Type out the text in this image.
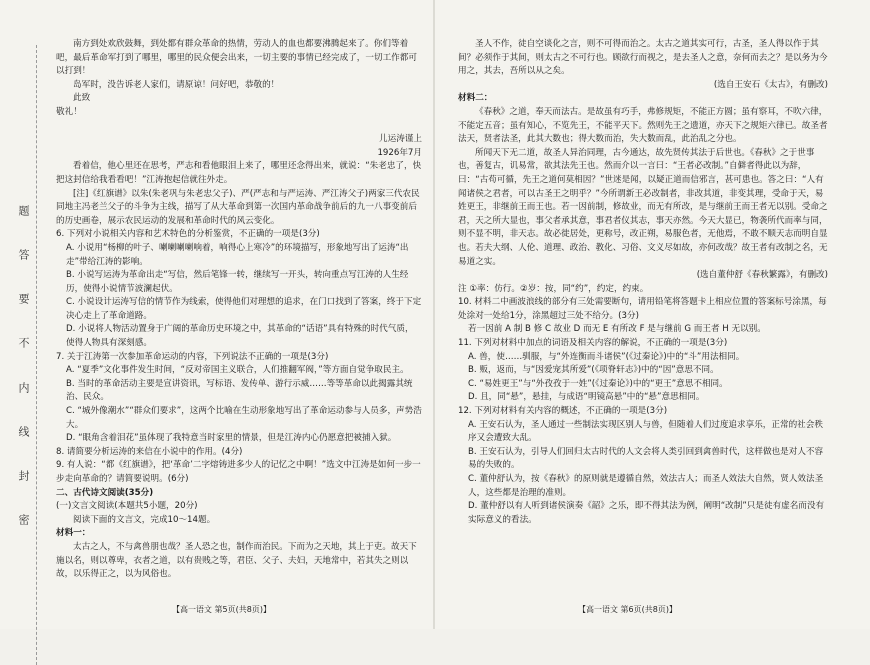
题
答
要
不
内
线
封
密

南方到处欢欣鼓舞，到处都有群众革命的热情，劳动人的血也都要沸腾起来了。你们等着吧，最后革命军打到了哪里，哪里的民众便会出来，一切主要的事情已经完成了，一切工作都可以打到！

岛军时，没告诉老人家们，请原谅！问好吧，恭敬的！

此致

敬礼！

儿运涛谨上

1926年7月

看着信，他心里还在思考，严志和看他眼泪上来了，哪里还念得出来，就说：“朱老忠了，快把这封信给我看看吧！”江涛抱起信就往外走。

[注]《红旗谱》以朱(朱老巩与朱老忠父子)、严(严志和与严运涛、严江涛父子)两家三代农民同地主冯老兰父子的斗争为主线，描写了从大革命到第一次国内革命战争前后的九一八事变前后的历史画卷，展示农民运动的发展和革命时代的风云变化。

6. 下列对小说相关内容和艺术特色的分析鉴赏，不正确的一项是(3分)

A. 小说用“杨柳的叶子、喇喇喇喇响着，响得心上寒冷”的环境描写，形象地写出了运涛“出走”带给江涛的影响。

B. 小说写运涛为革命出走“写信，然后笔锋一转，继续写一开头，转向重点写江涛的人生经历，使得小说情节波澜起伏。

C. 小说设计运涛写信的情节作为线索，使得他们对理想的追求，在门口找到了答案，终于下定决心走上了革命道路。

D. 小说将人物活动置身于广阔的革命历史环境之中，其革命的“话语”具有特殊的时代气质，使得人物具有深刻感。

7. 关于江涛第一次参加革命运动的内容，下列说法不正确的一项是(3分)

A. “夏季”文化事件发生时间，“反对帝国主义联合，人们推翻军阀，”等方面自觉争取民主。

B. 当时的革命活动主要是宣讲资讯，写标语、发传单、游行示威……等等革命以此揭露其统治、民众。

C. “城外像潮水”“群众们要求”，这两个比喻在生动形象地写出了革命运动参与人员多，声势浩大。

D. “眼角含着泪花”虽体现了我特意当时家里的情景，但是江涛内心仍愿意把被捕入狱。

8. 请简要分析运涛的来信在小说中的作用。(4分)

9. 有人说：“都《红旗谱》，把‘革命’二字熔铸进多少人的记忆之中啊！”选文中江涛是如何一步一步走向革命的？请简要说明。(6分)

二、古代诗文阅读(35分)

(一)文言文阅读(本题共5小题，20分)

阅读下面的文言文，完成10～14题。

材料一：

太古之人，不与禽兽朋也哉？圣人恐之也，制作而治民。下而为之天地，其上于吏。故天下施以名，则以尊卑，衣者之道，以有贵贱之等，君臣、父子、夫妇，天地常中，若其失之则以故，以乐得正之，以为风俗也。

圣人不作，徒自空谈化之言，则不可得而治之。太古之道其实可行，古圣，圣人得以作于其间？必须作于其间，则太古之不可行也。顾欲行而视之，是去圣人之意，奈何而去之？是以务为今用之，其去，吾所以从之矣。

(选自王安石《太古》，有删改)

材料二：

《春秋》之道，奉天而法古。是故虽有巧手，弗修规矩，不能正方圆；虽有察耳，不吹六律，不能定五音；虽有知心，不览先王，不能平天下。然则先王之遗道，亦天下之规矩六律已。故圣者法天，贤者法圣，此其大数也；得大数而治，失大数而乱，此治乱之分也。

所闻天下无二道，故圣人异治同理，古今通达，故先贤传其法于后世也。《春秋》之于世事也，善复古，讥易常，欲其法先王也。然而介以一言曰：“王者必改制。”自僻者得此以为辞，曰：“古苟可循，先王之道何莫相因？”世迷是闻，以疑正道而信邪言，甚可患也。答之曰：“人有闻诸侯之君者，可以古圣王之明乎？”今所谓新王必改制者，非改其道，非变其理，受命于天，易姓更王，非继前王而王也。若一因前制，修故业，而无有所改，是与继前王而王者无以别。受命之君，天之所大显也，事父者承其意，事君者仪其志，事天亦然。今天大显已，物袭所代而率与同，则不显不明，非天志。故必徙居处，更称号，改正朔，易服色者，无他焉，不敢不顺天志而明自显也。若夫大纲、人伦、道理、政治、教化、习俗、文义尽如故，亦何改哉？故王者有改制之名，无易道之实。

(选自董仲舒《春秋繁露》，有删改)

注 ①率：仿行。②岁：按，同“约”，约定，约束。

10. 材料二中画波浪线的部分有三处需要断句，请用铅笔将答题卡上相应位置的答案标号涂黑，每处涂对一处给1分，涂黑超过三处不给分。(3分)

若一因前 A 制 B 修 C 故业 D 而无 E 有所改 F 是与继前 G 而王者 H 无以别。

11. 下列对材料中加点的词语及相关内容的解说，不正确的一项是(3分)

A. 兽，使……驯服，与“外连衡而斗诸侯”(《过秦论》)中的“斗”用法相同。

B. 贩，返而，与“因爱宠其所爱”(《项脊轩志》)中的“因”意思不同。

C. “易姓更王”与“外孜孜于一姓”(《过秦论》)中的“更王”意思不相同。

D. 且，同“悬”，悬挂，与成语“明镜高悬”中的“悬”意思相同。

12. 下列对材料有关内容的概述，不正确的一项是(3分)

A. 王安石认为，圣人通过一些制法实现区别人与兽，但随着人们过度追求享乐，正常的社会秩序又会遭致大乱。

B. 王安石认为，引导人们回归太古时代的人文会将人类引回到禽兽时代，这样做也是对人不容易的失败的。

C. 董仲舒认为，按《春秋》的原则就是遵循自然，效法古人；而圣人效法大自然，贤人效法圣人，这些都是治理的准则。

D. 董仲舒以有人听到诸侯演奏《韶》之乐，即不得其法为例，阐明“改制”只是徒有虚名而没有实际意义的看法。

【高一语文 第5页(共8页)】	【高一语文 第6页(共8页)】
